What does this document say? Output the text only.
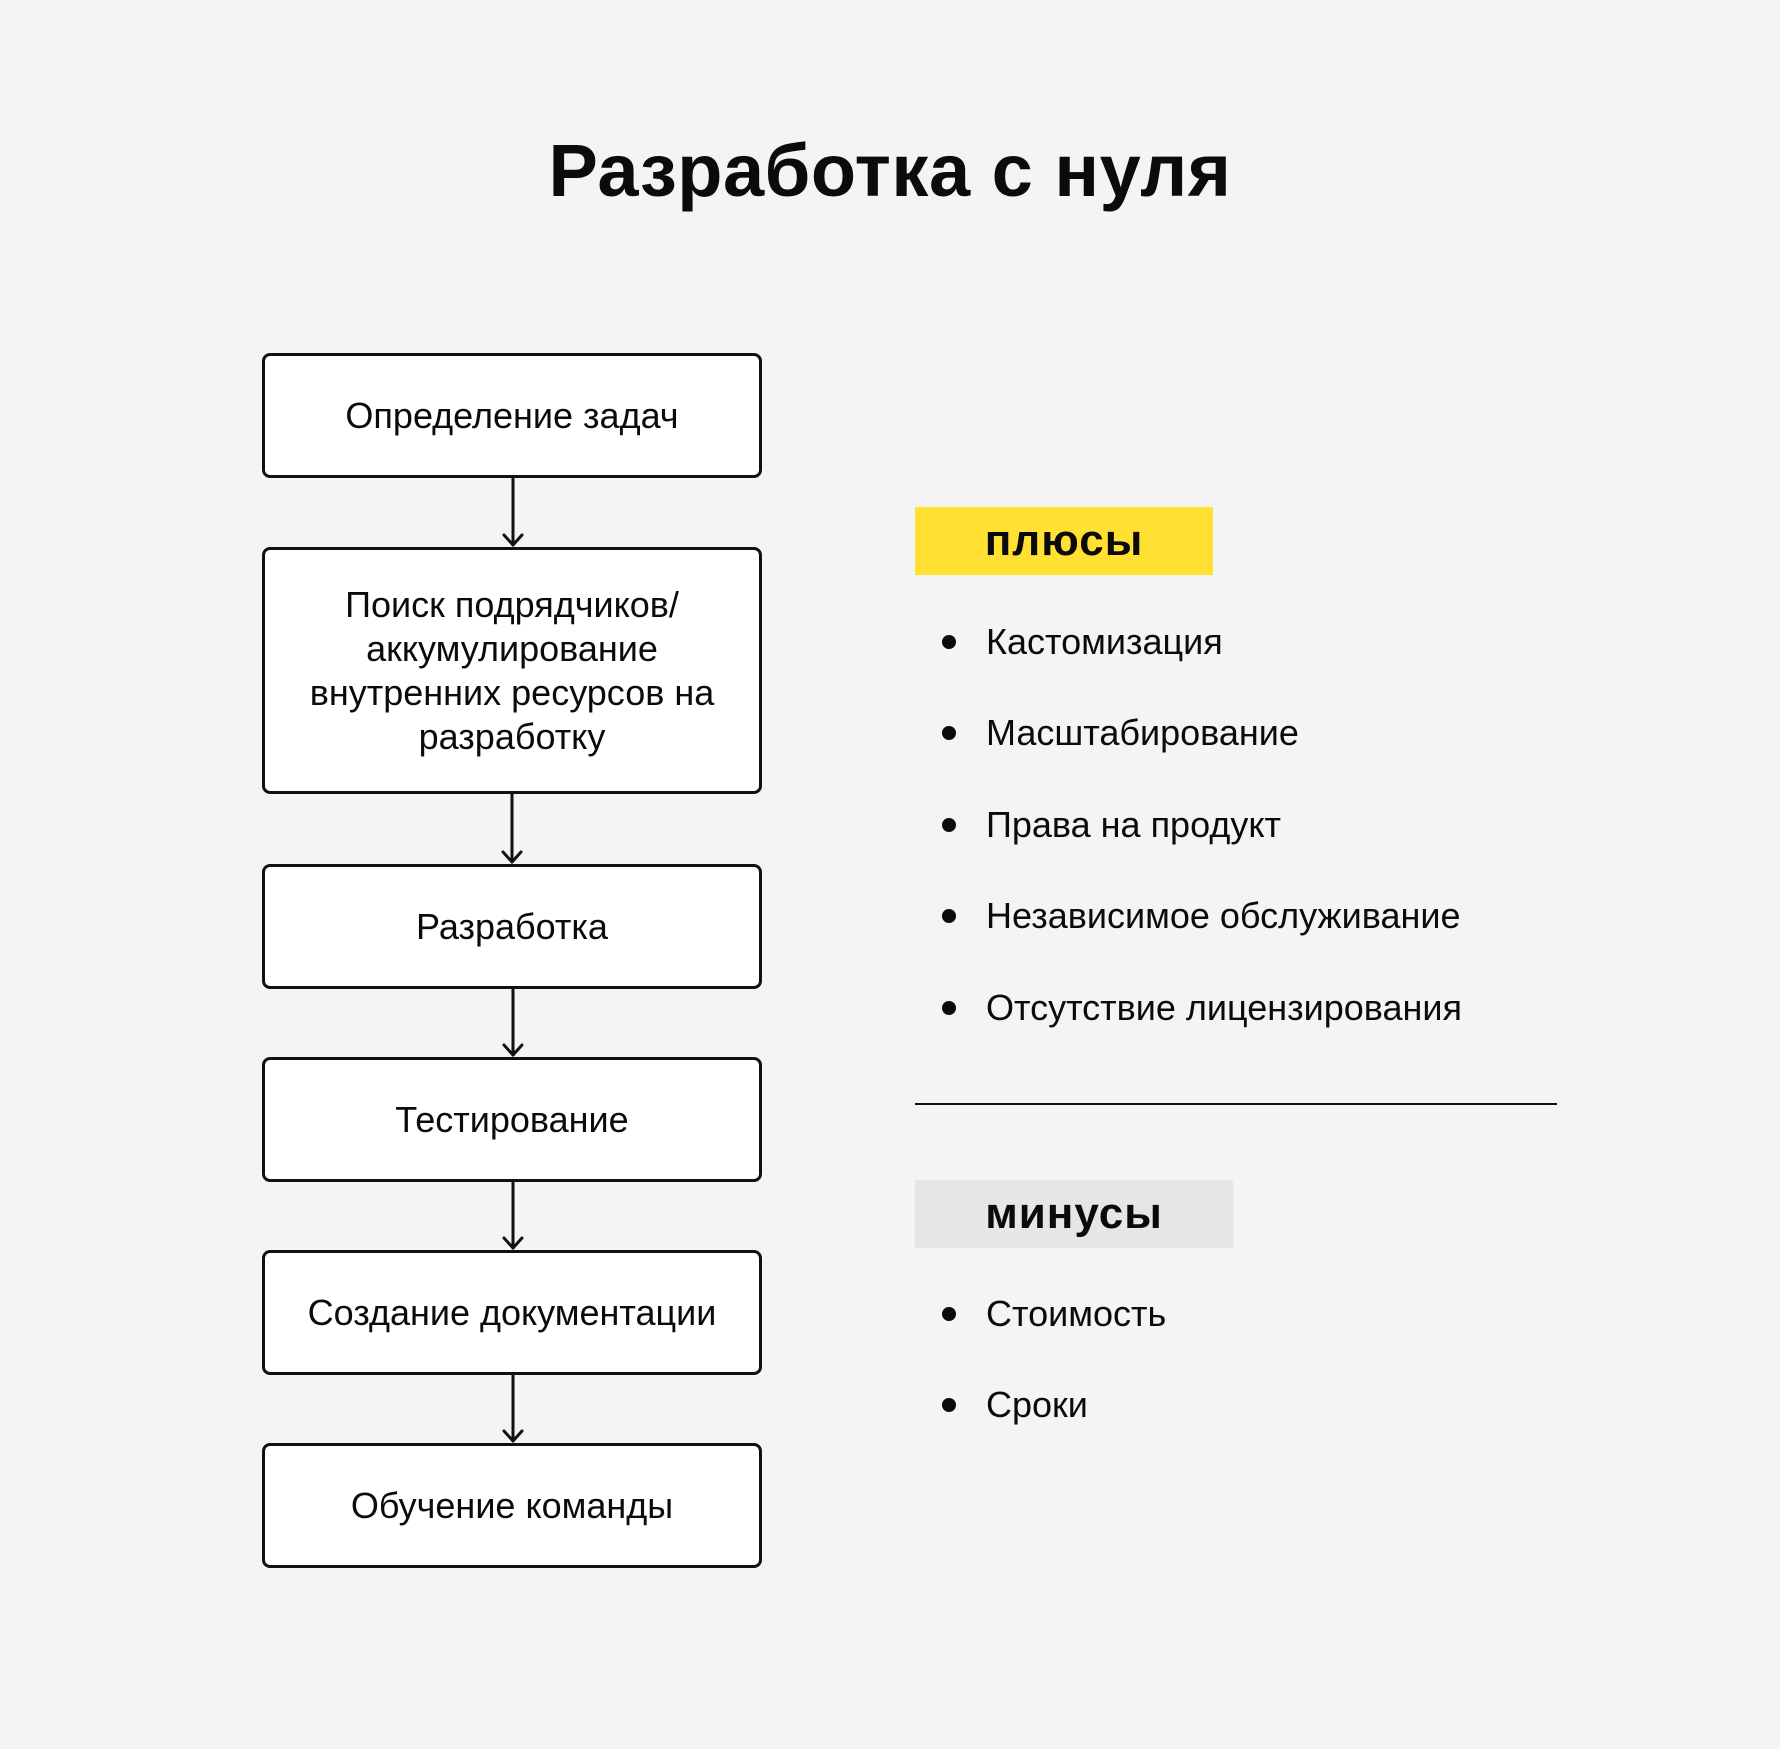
Разработка с нуля
Определение задач
Поиск подрядчиков/ аккумулирование внутренних ресурсов на разработку
Разработка
Тестирование
Создание документации
Обучение команды
плюсы
Кастомизация
Масштабирование
Права на продукт
Независимое обслуживание
Отсутствие лицензирования
минусы
Стоимость
Сроки
